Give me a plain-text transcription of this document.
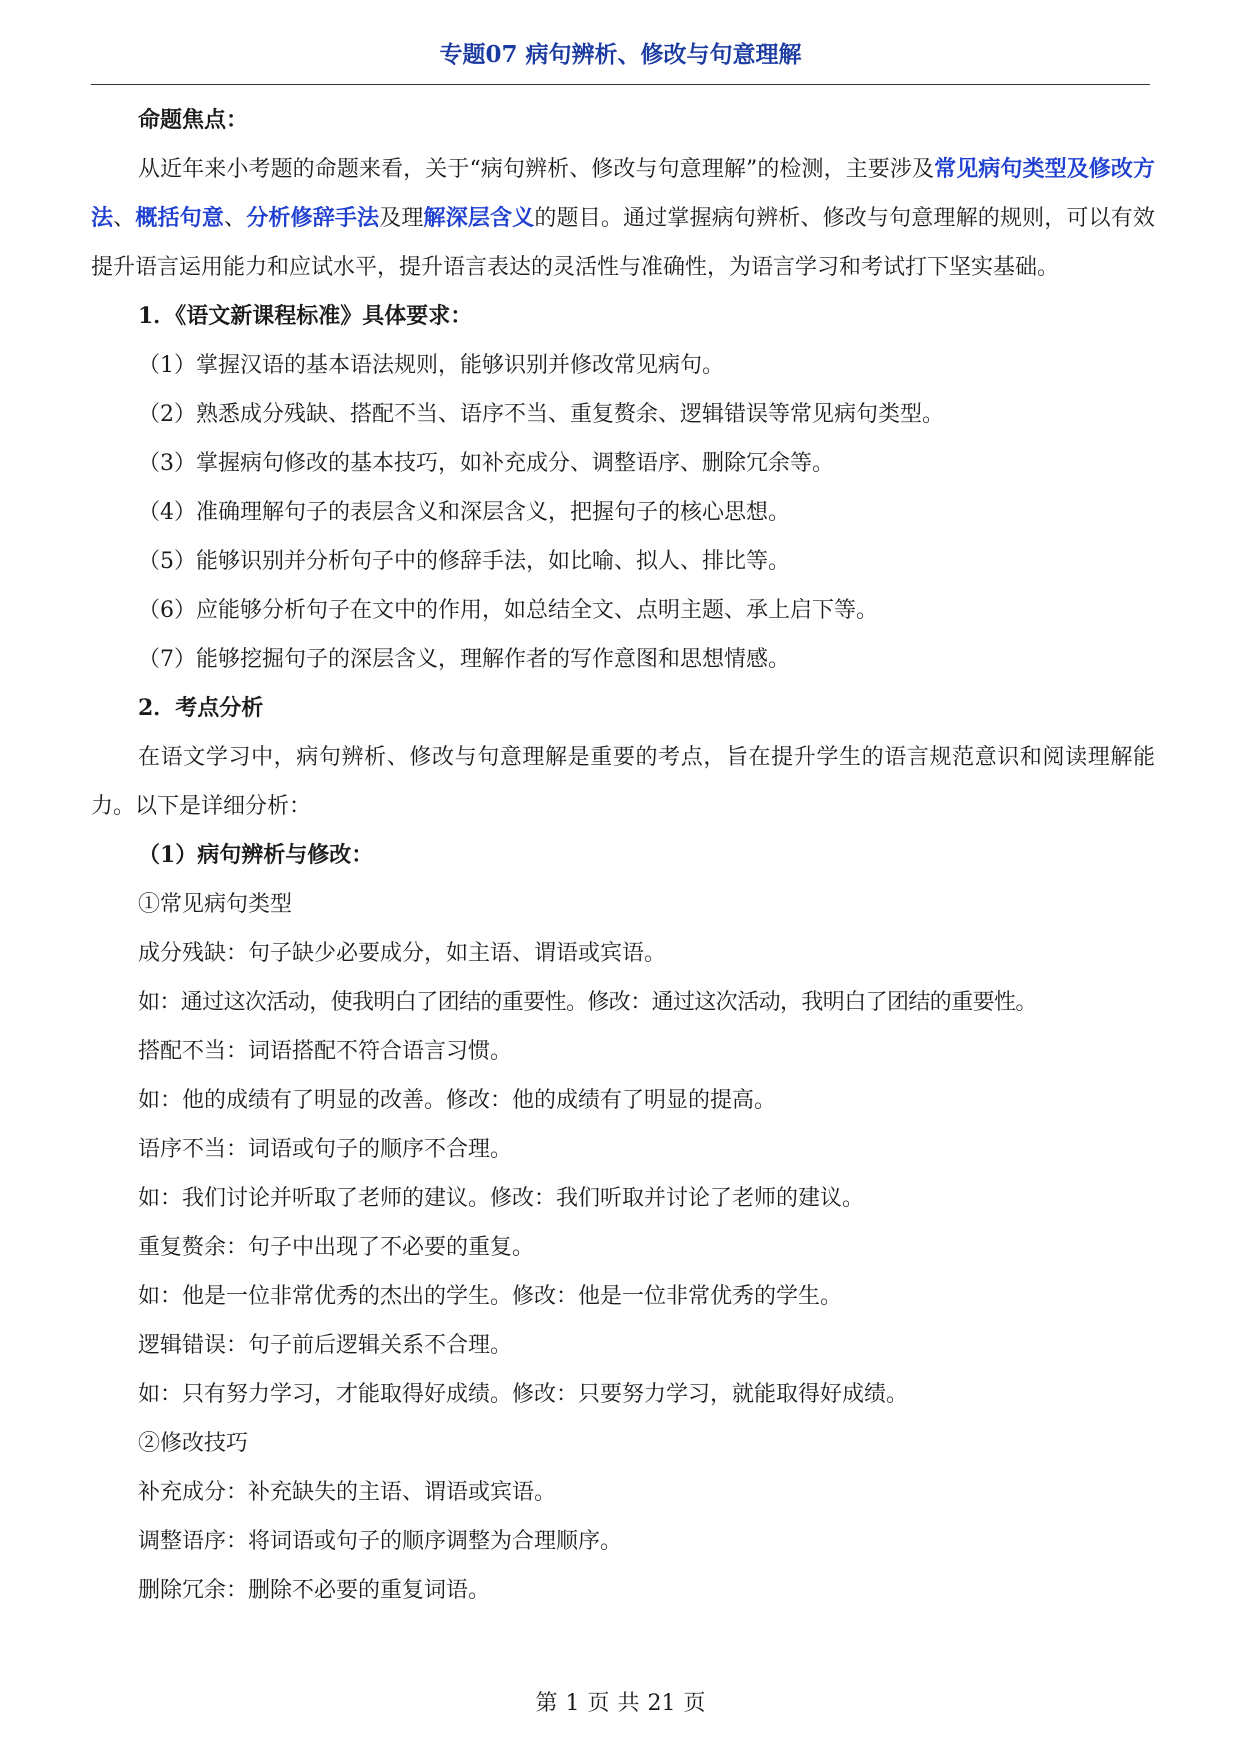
专题07 病句辨析、修改与句意理解
命题焦点：
从近年来小考题的命题来看，关于“病句辨析、修改与句意理解”的检测，主要涉及常见病句类型及修改方法、概括句意、分析修辞手法及理解深层含义的题目。通过掌握病句辨析、修改与句意理解的规则，可以有效提升语言运用能力和应试水平，提升语言表达的灵活性与准确性，为语言学习和考试打下坚实基础。
1．《语文新课程标准》具体要求：
（1）掌握汉语的基本语法规则，能够识别并修改常见病句。
（2）熟悉成分残缺、搭配不当、语序不当、重复赘余、逻辑错误等常见病句类型。
（3）掌握病句修改的基本技巧，如补充成分、调整语序、删除冗余等。
（4）准确理解句子的表层含义和深层含义，把握句子的核心思想。
（5）能够识别并分析句子中的修辞手法，如比喻、拟人、排比等。
（6）应能够分析句子在文中的作用，如总结全文、点明主题、承上启下等。
（7）能够挖掘句子的深层含义，理解作者的写作意图和思想情感。
2．考点分析
在语文学习中，病句辨析、修改与句意理解是重要的考点，旨在提升学生的语言规范意识和阅读理解能力。以下是详细分析：
（1）病句辨析与修改：
①常见病句类型
成分残缺：句子缺少必要成分，如主语、谓语或宾语。
如：通过这次活动，使我明白了团结的重要性。修改：通过这次活动，我明白了团结的重要性。
搭配不当：词语搭配不符合语言习惯。
如：他的成绩有了明显的改善。修改：他的成绩有了明显的提高。
语序不当：词语或句子的顺序不合理。
如：我们讨论并听取了老师的建议。修改：我们听取并讨论了老师的建议。
重复赘余：句子中出现了不必要的重复。
如：他是一位非常优秀的杰出的学生。修改：他是一位非常优秀的学生。
逻辑错误：句子前后逻辑关系不合理。
如：只有努力学习，才能取得好成绩。修改：只要努力学习，就能取得好成绩。
②修改技巧
补充成分：补充缺失的主语、谓语或宾语。
调整语序：将词语或句子的顺序调整为合理顺序。
删除冗余：删除不必要的重复词语。
第 1 页 共 21 页
